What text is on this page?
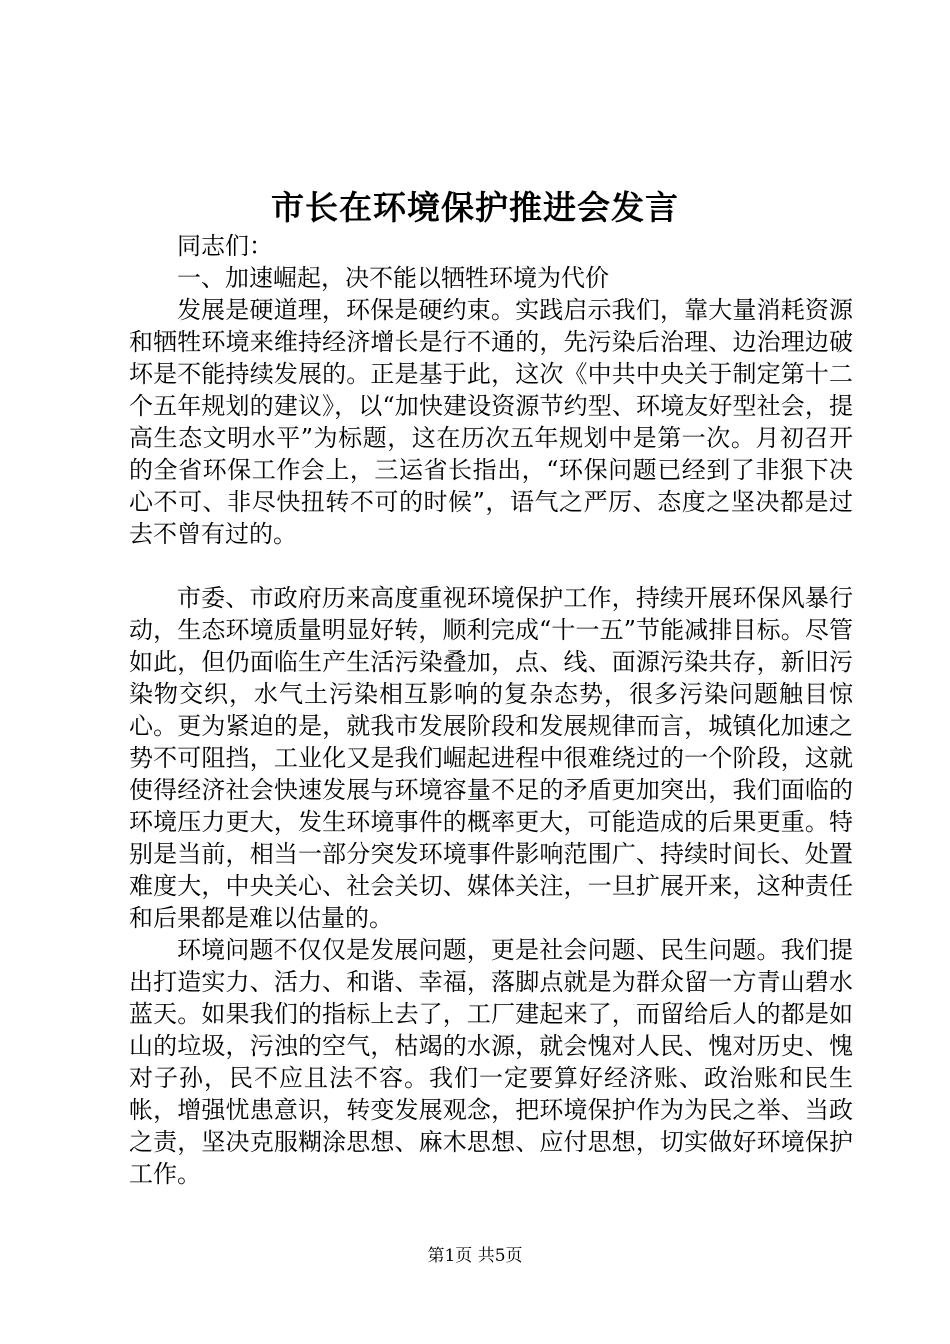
市长在环境保护推进会发言

同志们：

一、加速崛起，决不能以牺牲环境为代价

发展是硬道理，环保是硬约束。实践启示我们，靠大量消耗资源和牺牲环境来维持经济增长是行不通的，先污染后治理、边治理边破坏是不能持续发展的。正是基于此，这次《中共中央关于制定第十二个五年规划的建议》，以“加快建设资源节约型、环境友好型社会，提高生态文明水平”为标题，这在历次五年规划中是第一次。月初召开的全省环保工作会上，三运省长指出，“环保问题已经到了非狠下决心不可、非尽快扭转不可的时候”，语气之严厉、态度之坚决都是过去不曾有过的。

市委、市政府历来高度重视环境保护工作，持续开展环保风暴行动，生态环境质量明显好转，顺利完成“十一五”节能减排目标。尽管如此，但仍面临生产生活污染叠加，点、线、面源污染共存，新旧污染物交织，水气土污染相互影响的复杂态势，很多污染问题触目惊心。更为紧迫的是，就我市发展阶段和发展规律而言，城镇化加速之势不可阻挡，工业化又是我们崛起进程中很难绕过的一个阶段，这就使得经济社会快速发展与环境容量不足的矛盾更加突出，我们面临的环境压力更大，发生环境事件的概率更大，可能造成的后果更重。特别是当前，相当一部分突发环境事件影响范围广、持续时间长、处置难度大，中央关心、社会关切、媒体关注，一旦扩展开来，这种责任和后果都是难以估量的。

环境问题不仅仅是发展问题，更是社会问题、民生问题。我们提出打造实力、活力、和谐、幸福，落脚点就是为群众留一方青山碧水蓝天。如果我们的指标上去了，工厂建起来了，而留给后人的都是如山的垃圾，污浊的空气，枯竭的水源，就会愧对人民、愧对历史、愧对子孙，民不应且法不容。我们一定要算好经济账、政治账和民生帐，增强忧患意识，转变发展观念，把环境保护作为为民之举、当政之责，坚决克服糊涂思想、麻木思想、应付思想，切实做好环境保护工作。

第1页 共5页
